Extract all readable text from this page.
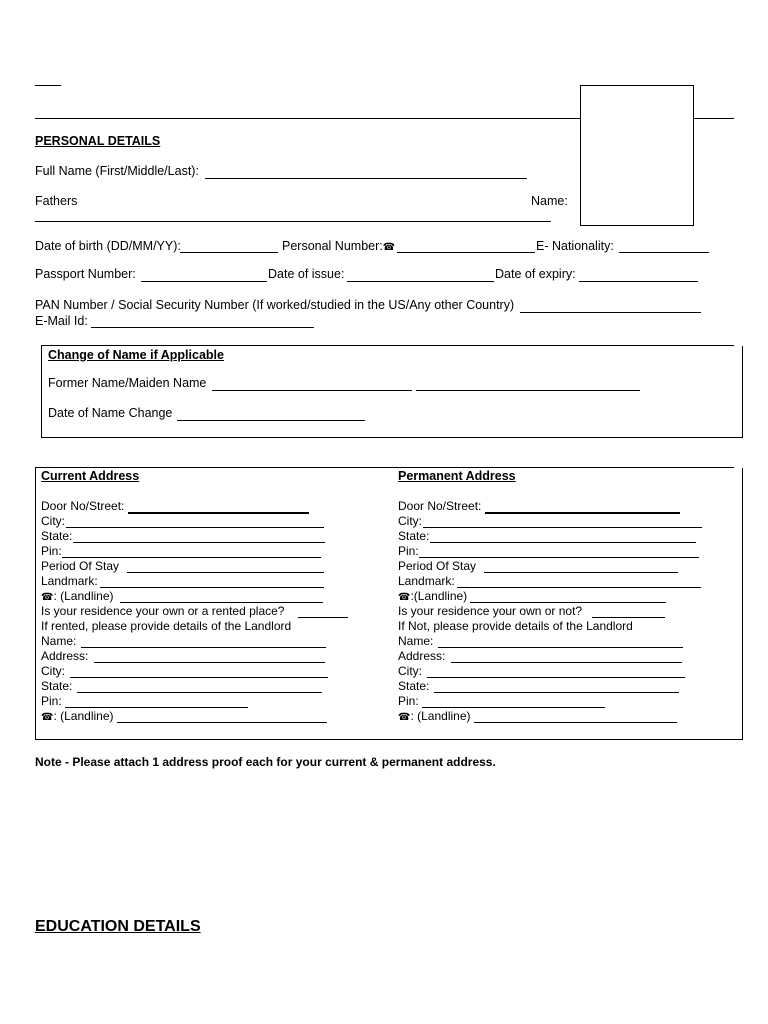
PERSONAL DETAILS
Full Name (First/Middle/Last):
Fathers	Name:
Date of birth (DD/MM/YY):	Personal Number:☎	E- Nationality:
Passport Number:	Date of issue:	Date of expiry:
PAN Number / Social Security Number (If worked/studied in the US/Any other Country)
E-Mail Id:
Change of Name if Applicable
Former Name/Maiden Name
Date of Name Change
Current Address
Door No/Street:
City:
State:
Pin:
Period Of Stay
Landmark:
☎: (Landline)
Is your residence your own or a rented place?
If rented, please provide details of the Landlord
Name:
Address:
City:
State:
Pin:
☎: (Landline)
Permanent Address
Door No/Street:
City:
State:
Pin:
Period Of Stay
Landmark:
☎:(Landline)
Is your residence your own or not?
If Not, please provide details of the Landlord
Name:
Address:
City:
State:
Pin:
☎: (Landline)
Note - Please attach 1 address proof each for your current & permanent address.
EDUCATION DETAILS
